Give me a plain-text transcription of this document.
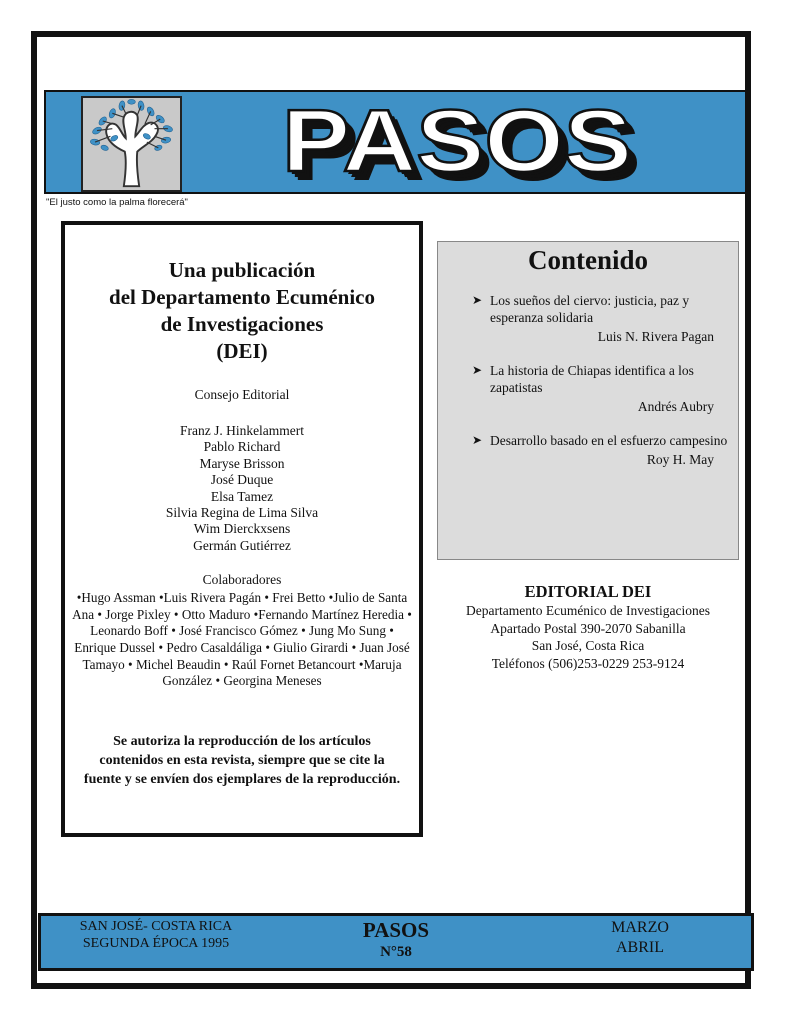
"El justo como la palma florecerá"
Una publicación
del Departamento Ecuménico
de Investigaciones
(DEI)
Consejo Editorial
Franz J. Hinkelammert
Pablo Richard
Maryse Brisson
José Duque
Elsa Tamez
Silvia Regina de Lima Silva
Wim Dierckxsens
Germán Gutiérrez
Colaboradores
•Hugo Assman •Luis Rivera Pagán • Frei Betto •Julio de Santa Ana • Jorge Pixley • Otto Maduro •Fernando Martínez Heredia • Leonardo Boff • José Francisco Gómez • Jung Mo Sung • Enrique Dussel • Pedro Casaldáliga • Giulio Girardi • Juan José Tamayo • Michel Beaudin • Raúl Fornet Betancourt •Maruja González • Georgina Meneses
Se autoriza la reproducción de los artículos contenidos en esta revista, siempre que se cite la fuente y se envíen dos ejemplares de la reproducción.
Contenido
➤ Los sueños del ciervo: justicia, paz y esperanza solidaria
Luis N. Rivera Pagan
➤ La historia de Chiapas identifica a los zapatistas
Andrés Aubry
➤ Desarrollo basado en el esfuerzo campesino
Roy H. May
EDITORIAL DEI
Departamento Ecuménico de Investigaciones
Apartado Postal 390-2070 Sabanilla
San José, Costa Rica
Teléfonos (506)253-0229 253-9124
SAN JOSÉ- COSTA RICA
SEGUNDA ÉPOCA 1995
PASOS
N°58
MARZO
ABRIL
